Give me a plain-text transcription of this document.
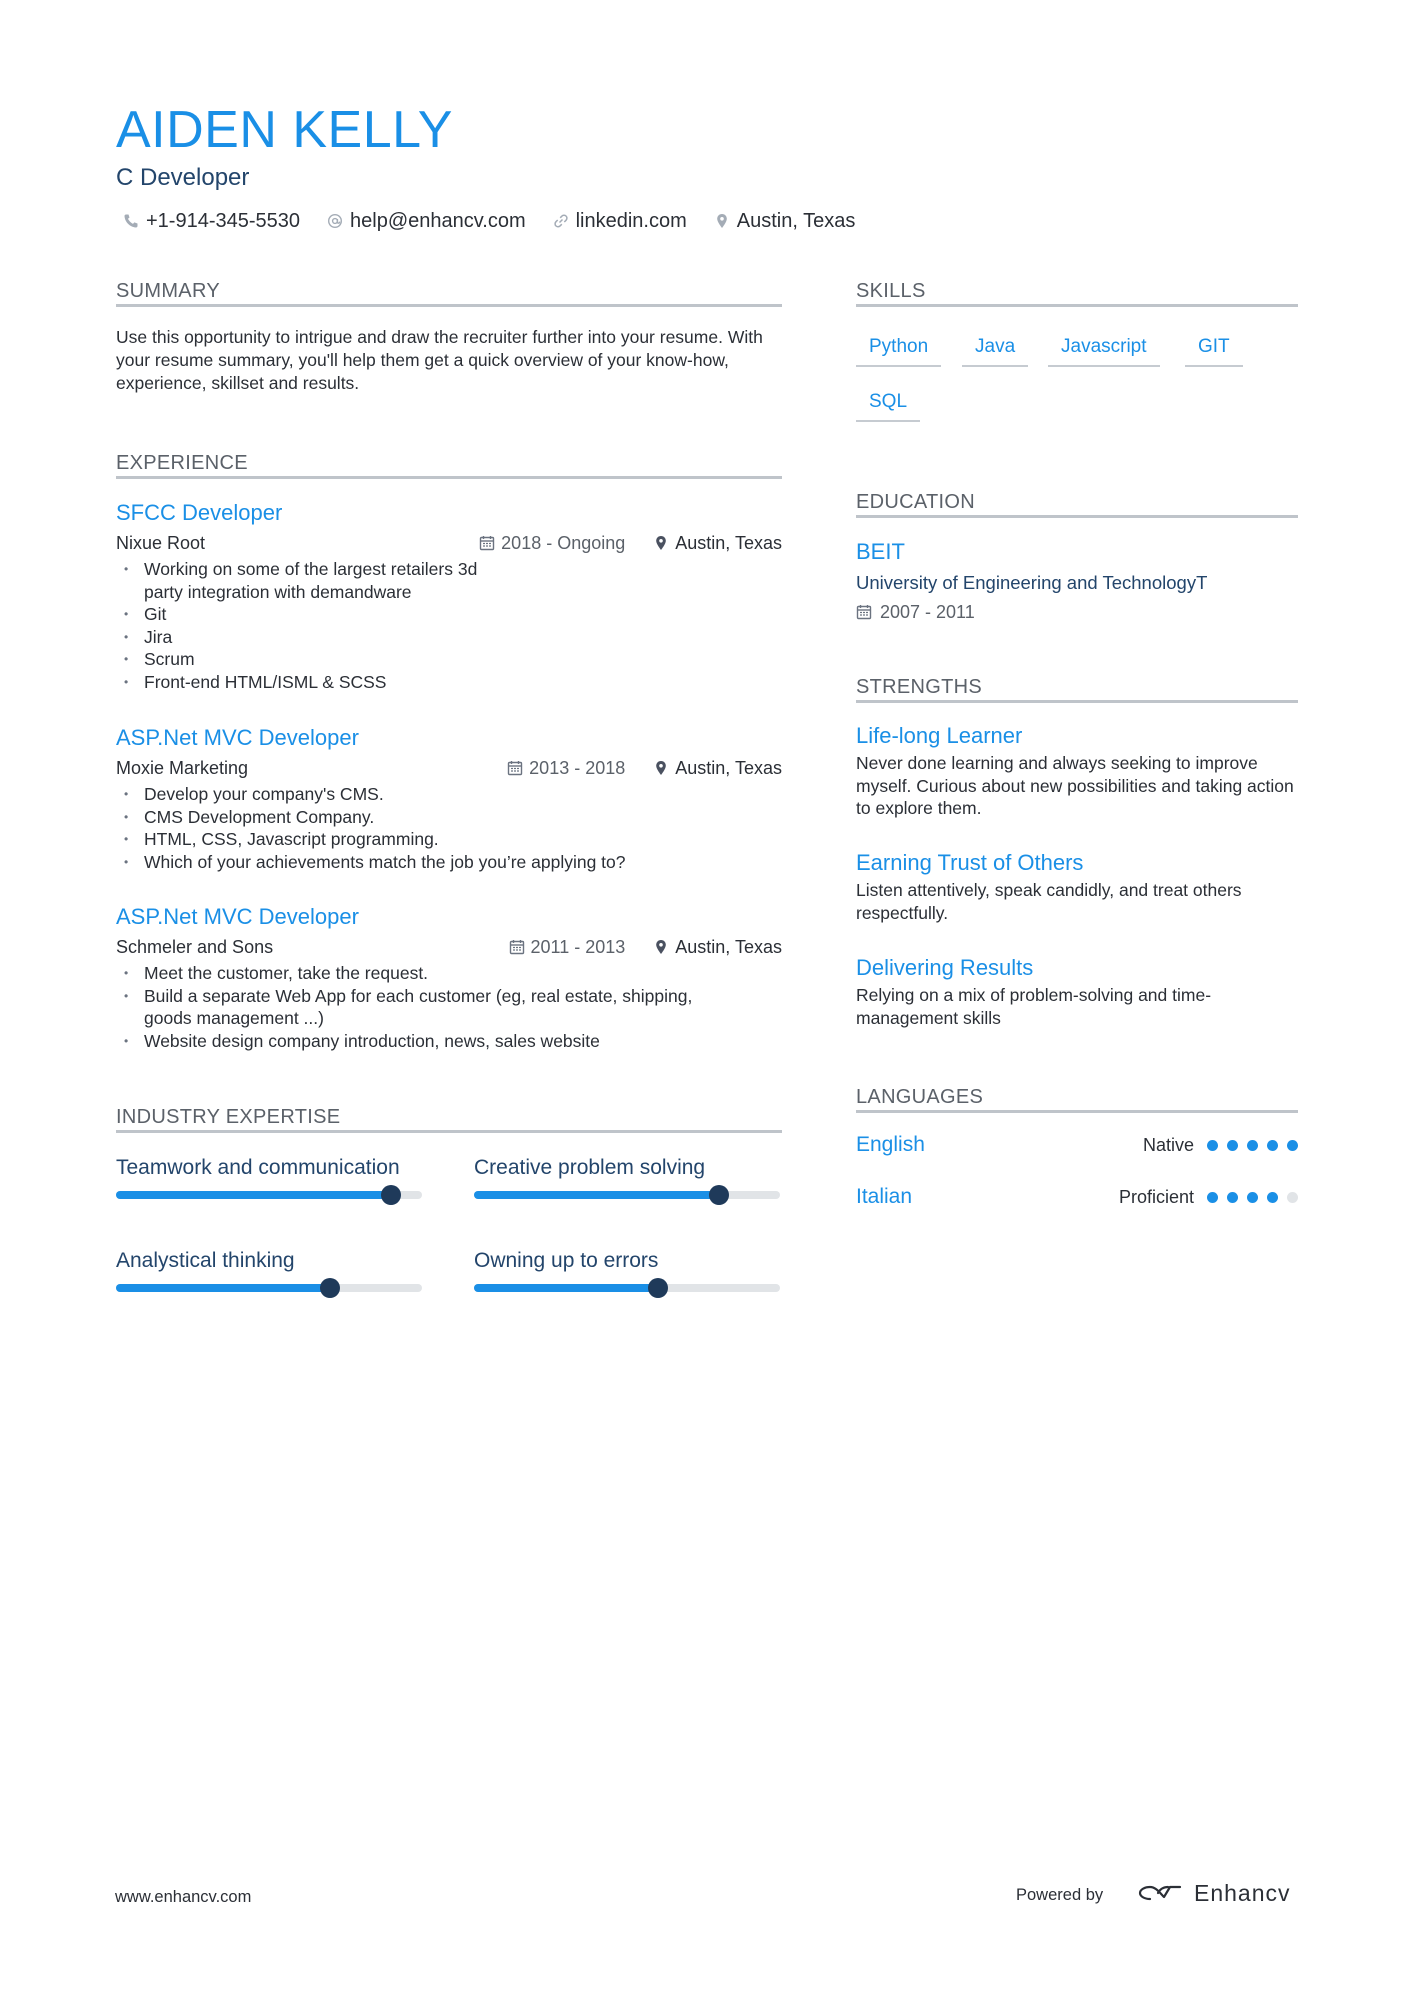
AIDEN KELLY
C Developer
+1-914-345-5530	help@enhancv.com	linkedin.com	Austin, Texas
SUMMARY
Use this opportunity to intrigue and draw the recruiter further into your resume. With your resume summary, you'll help them get a quick overview of your know-how, experience, skillset and results.
EXPERIENCE
SFCC Developer
Nixue Root	2018 - Ongoing	Austin, Texas
• Working on some of the largest retailers 3d party integration with demandware
• Git
• Jira
• Scrum
• Front-end HTML/ISML & SCSS
ASP.Net MVC Developer
Moxie Marketing	2013 - 2018	Austin, Texas
• Develop your company's CMS.
• CMS Development Company.
• HTML, CSS, Javascript programming.
• Which of your achievements match the job you’re applying to?
ASP.Net MVC Developer
Schmeler and Sons	2011 - 2013	Austin, Texas
• Meet the customer, take the request.
• Build a separate Web App for each customer (eg, real estate, shipping, goods management ...)
• Website design company introduction, news, sales website
INDUSTRY EXPERTISE
Teamwork and communication	Creative problem solving
Analystical thinking	Owning up to errors
SKILLS
Python	Java	Javascript	GIT
SQL
EDUCATION
BEIT
University of Engineering and TechnologyT
2007 - 2011
STRENGTHS
Life-long Learner
Never done learning and always seeking to improve myself. Curious about new possibilities and taking action to explore them.
Earning Trust of Others
Listen attentively, speak candidly, and treat others respectfully.
Delivering Results
Relying on a mix of problem-solving and time-management skills
LANGUAGES
English	Native
Italian	Proficient
www.enhancv.com	Powered by	Enhancv
